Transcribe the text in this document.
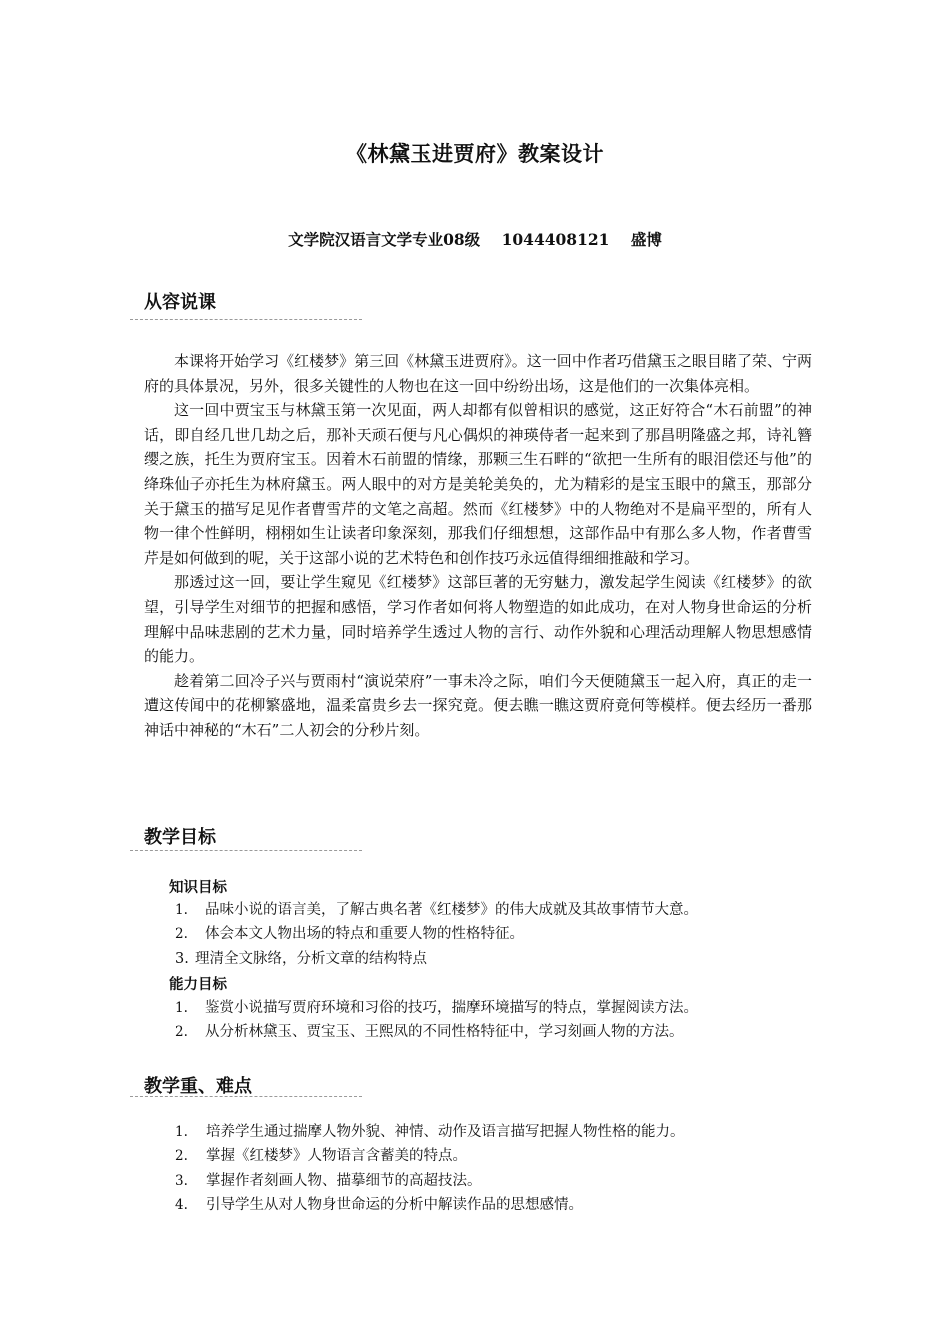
《林黛玉进贾府》教案设计
文学院汉语言文学专业08级 1044408121 盛博
从容说课

本课将开始学习《红楼梦》第三回《林黛玉进贾府》。这一回中作者巧借黛玉之眼目睹了荣、宁两府的具体景况，另外，很多关键性的人物也在这一回中纷纷出场，这是他们的一次集体亮相。

这一回中贾宝玉与林黛玉第一次见面，两人却都有似曾相识的感觉，这正好符合“木石前盟”的神话，即自经几世几劫之后，那补天顽石便与凡心偶炽的神瑛侍者一起来到了那昌明隆盛之邦，诗礼簪缨之族，托生为贾府宝玉。因着木石前盟的情缘，那颗三生石畔的“欲把一生所有的眼泪偿还与他”的绛珠仙子亦托生为林府黛玉。两人眼中的对方是美轮美奂的，尤为精彩的是宝玉眼中的黛玉，那部分关于黛玉的描写足见作者曹雪芹的文笔之高超。然而《红楼梦》中的人物绝对不是扁平型的，所有人物一律个性鲜明，栩栩如生让读者印象深刻，那我们仔细想想，这部作品中有那么多人物，作者曹雪芹是如何做到的呢，关于这部小说的艺术特色和创作技巧永远值得细细推敲和学习。

那透过这一回，要让学生窥见《红楼梦》这部巨著的无穷魅力，激发起学生阅读《红楼梦》的欲望，引导学生对细节的把握和感悟，学习作者如何将人物塑造的如此成功，在对人物身世命运的分析理解中品味悲剧的艺术力量，同时培养学生透过人物的言行、动作外貌和心理活动理解人物思想感情的能力。

趁着第二回冷子兴与贾雨村“演说荣府”一事未冷之际，咱们今天便随黛玉一起入府，真正的走一遭这传闻中的花柳繁盛地，温柔富贵乡去一探究竟。便去瞧一瞧这贾府竟何等模样。便去经历一番那神话中神秘的“木石”二人初会的分秒片刻。

教学目标
知识目标
1. 品味小说的语言美，了解古典名著《红楼梦》的伟大成就及其故事情节大意。
2. 体会本文人物出场的特点和重要人物的性格特征。
3. 理清全文脉络，分析文章的结构特点
能力目标
1. 鉴赏小说描写贾府环境和习俗的技巧，揣摩环境描写的特点，掌握阅读方法。
2. 从分析林黛玉、贾宝玉、王熙凤的不同性格特征中，学习刻画人物的方法。
教学重、难点
1. 培养学生通过揣摩人物外貌、神情、动作及语言描写把握人物性格的能力。
2. 掌握《红楼梦》人物语言含蓄美的特点。
3. 掌握作者刻画人物、描摹细节的高超技法。
4. 引导学生从对人物身世命运的分析中解读作品的思想感情。
